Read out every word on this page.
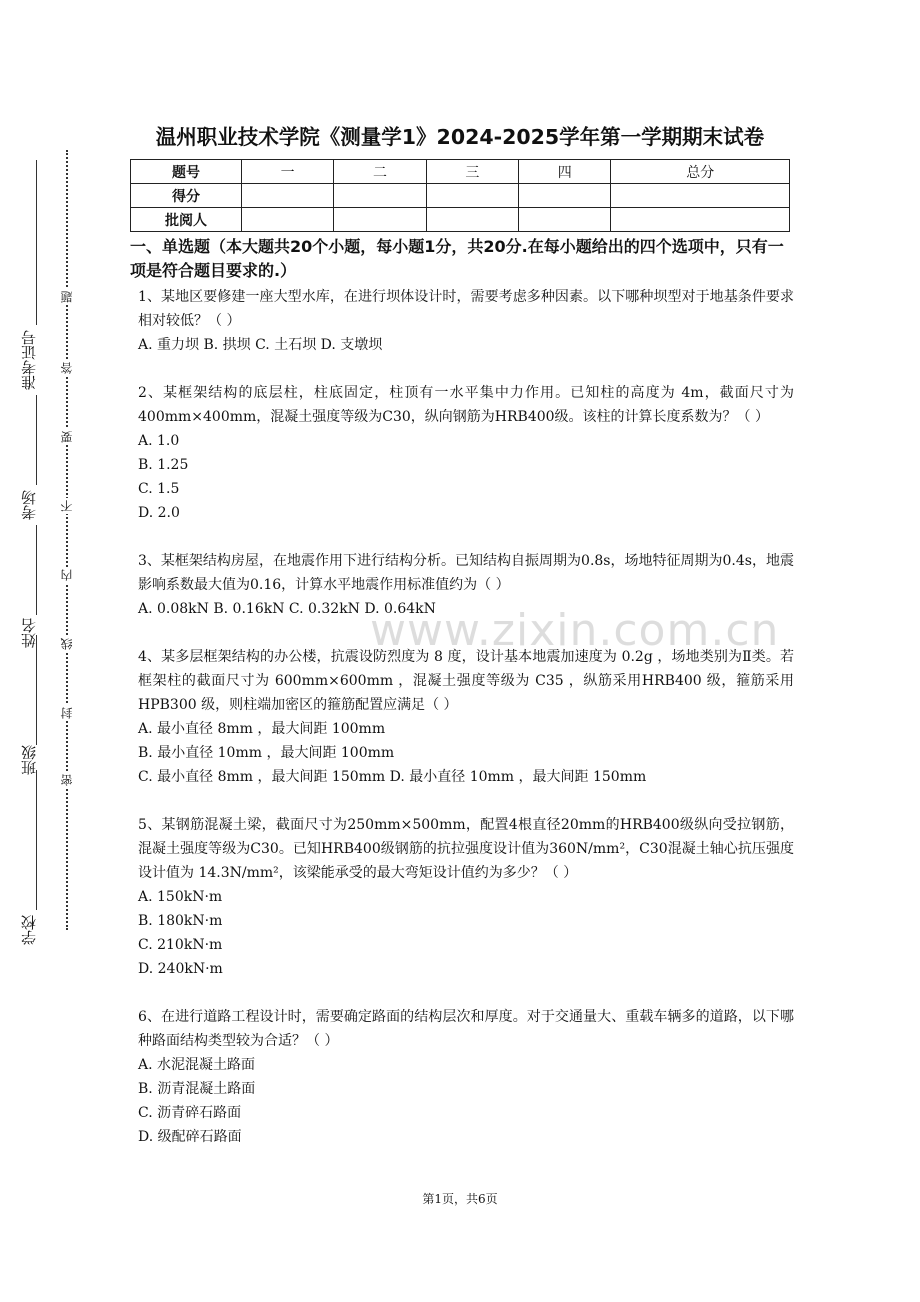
学校
班级
姓名
考场
准考证号
密
封
线
内
不
要
答
题
温州职业技术学院《测量学1》2024-2025学年第一学期期末试卷
题号	一	二	三	四	总分
得分					
批阅人					

一、单选题（本大题共20个小题，每小题1分，共20分.在每小题给出的四个选项中，只有一项是符合题目要求的.）

1、某地区要修建一座大型水库，在进行坝体设计时，需要考虑多种因素。以下哪种坝型对于地基条件要求相对较低？（ ）

A. 重力坝 B. 拱坝 C. 土石坝 D. 支墩坝

2、某框架结构的底层柱，柱底固定，柱顶有一水平集中力作用。已知柱的高度为 4m，截面尺寸为400mm×400mm，混凝土强度等级为C30，纵向钢筋为HRB400级。该柱的计算长度系数为？（ ）

A. 1.0

B. 1.25

C. 1.5

D. 2.0

3、某框架结构房屋，在地震作用下进行结构分析。已知结构自振周期为0.8s，场地特征周期为0.4s，地震影响系数最大值为0.16，计算水平地震作用标准值约为（ ）

A. 0.08kN B. 0.16kN C. 0.32kN D. 0.64kN

4、某多层框架结构的办公楼，抗震设防烈度为 8 度，设计基本地震加速度为 0.2g ，场地类别为Ⅱ类。若框架柱的截面尺寸为 600mm×600mm ，混凝土强度等级为 C35 ，纵筋采用HRB400 级，箍筋采用 HPB300 级，则柱端加密区的箍筋配置应满足（ ）

A. 最小直径 8mm ，最大间距 100mm

B. 最小直径 10mm ，最大间距 100mm

C. 最小直径 8mm ，最大间距 150mm D. 最小直径 10mm ，最大间距 150mm

5、某钢筋混凝土梁，截面尺寸为250mm×500mm，配置4根直径20mm的HRB400级纵向受拉钢筋，混凝土强度等级为C30。已知HRB400级钢筋的抗拉强度设计值为360N/mm²，C30混凝土轴心抗压强度设计值为 14.3N/mm²，该梁能承受的最大弯矩设计值约为多少？（ ）

A. 150kN·m

B. 180kN·m

C. 210kN·m

D. 240kN·m

6、在进行道路工程设计时，需要确定路面的结构层次和厚度。对于交通量大、重载车辆多的道路，以下哪种路面结构类型较为合适？（ ）

A. 水泥混凝土路面

B. 沥青混凝土路面

C. 沥青碎石路面

D. 级配碎石路面

www.zixin.com.cn
第1页，共6页
